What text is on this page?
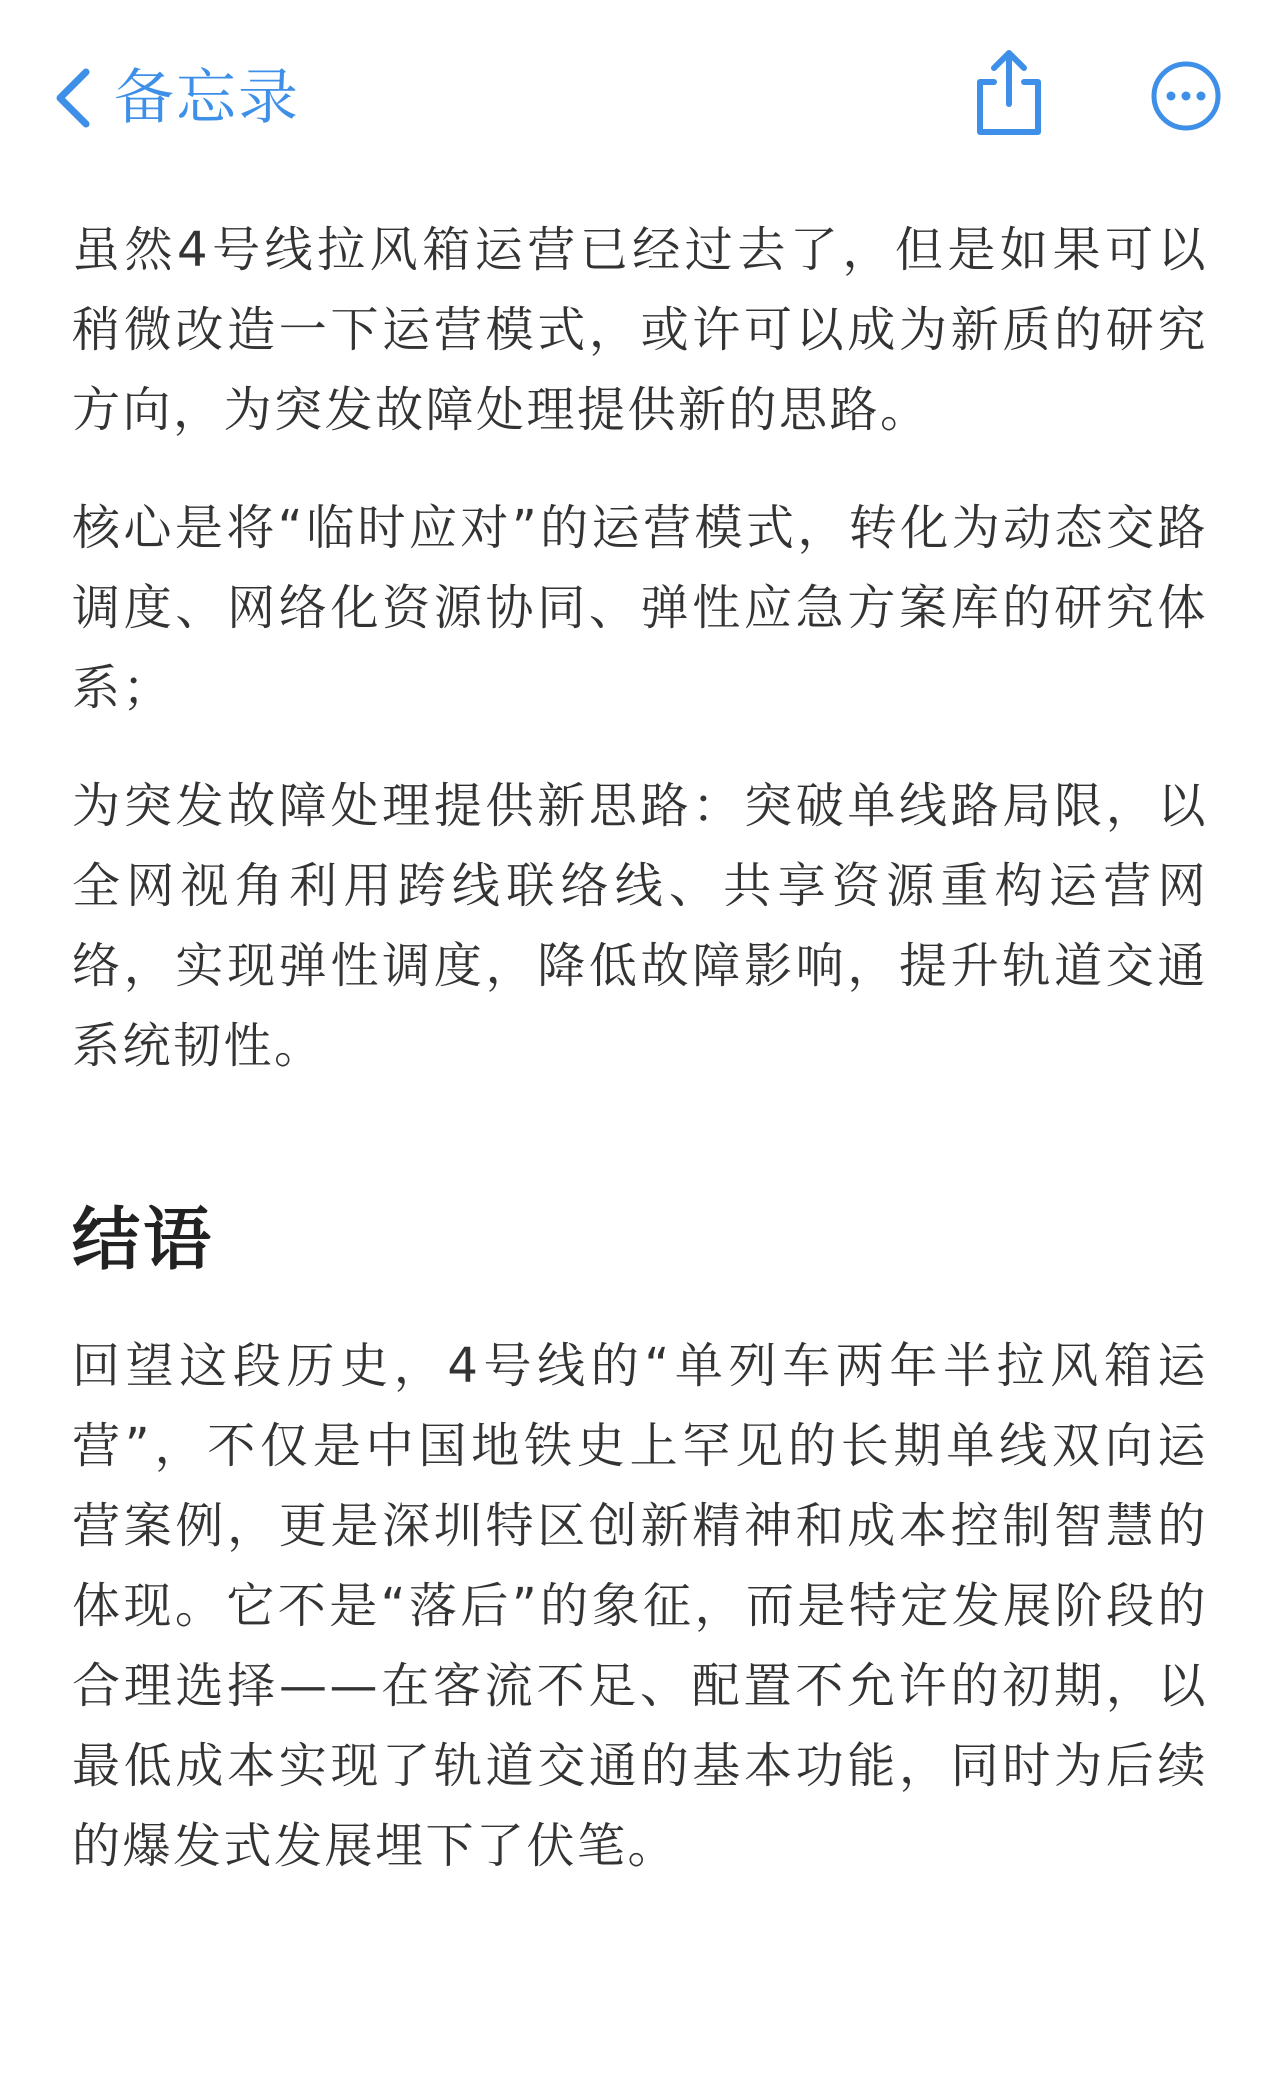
备忘录

虽然4号线拉风箱运营已经过去了，但是如果可以稍微改造一下运营模式，或许可以成为新质的研究方向，为突发故障处理提供新的思路。

核心是将“临时应对”的运营模式，转化为动态交路调度、网络化资源协同、弹性应急方案库的研究体系；

为突发故障处理提供新思路：突破单线路局限，以全网视角利用跨线联络线、共享资源重构运营网络，实现弹性调度，降低故障影响，提升轨道交通系统韧性。

结语

回望这段历史，4号线的“单列车两年半拉风箱运营”，不仅是中国地铁史上罕见的长期单线双向运营案例，更是深圳特区创新精神和成本控制智慧的体现。它不是“落后”的象征，而是特定发展阶段的合理选择——在客流不足、配置不允许的初期，以最低成本实现了轨道交通的基本功能，同时为后续的爆发式发展埋下了伏笔。
